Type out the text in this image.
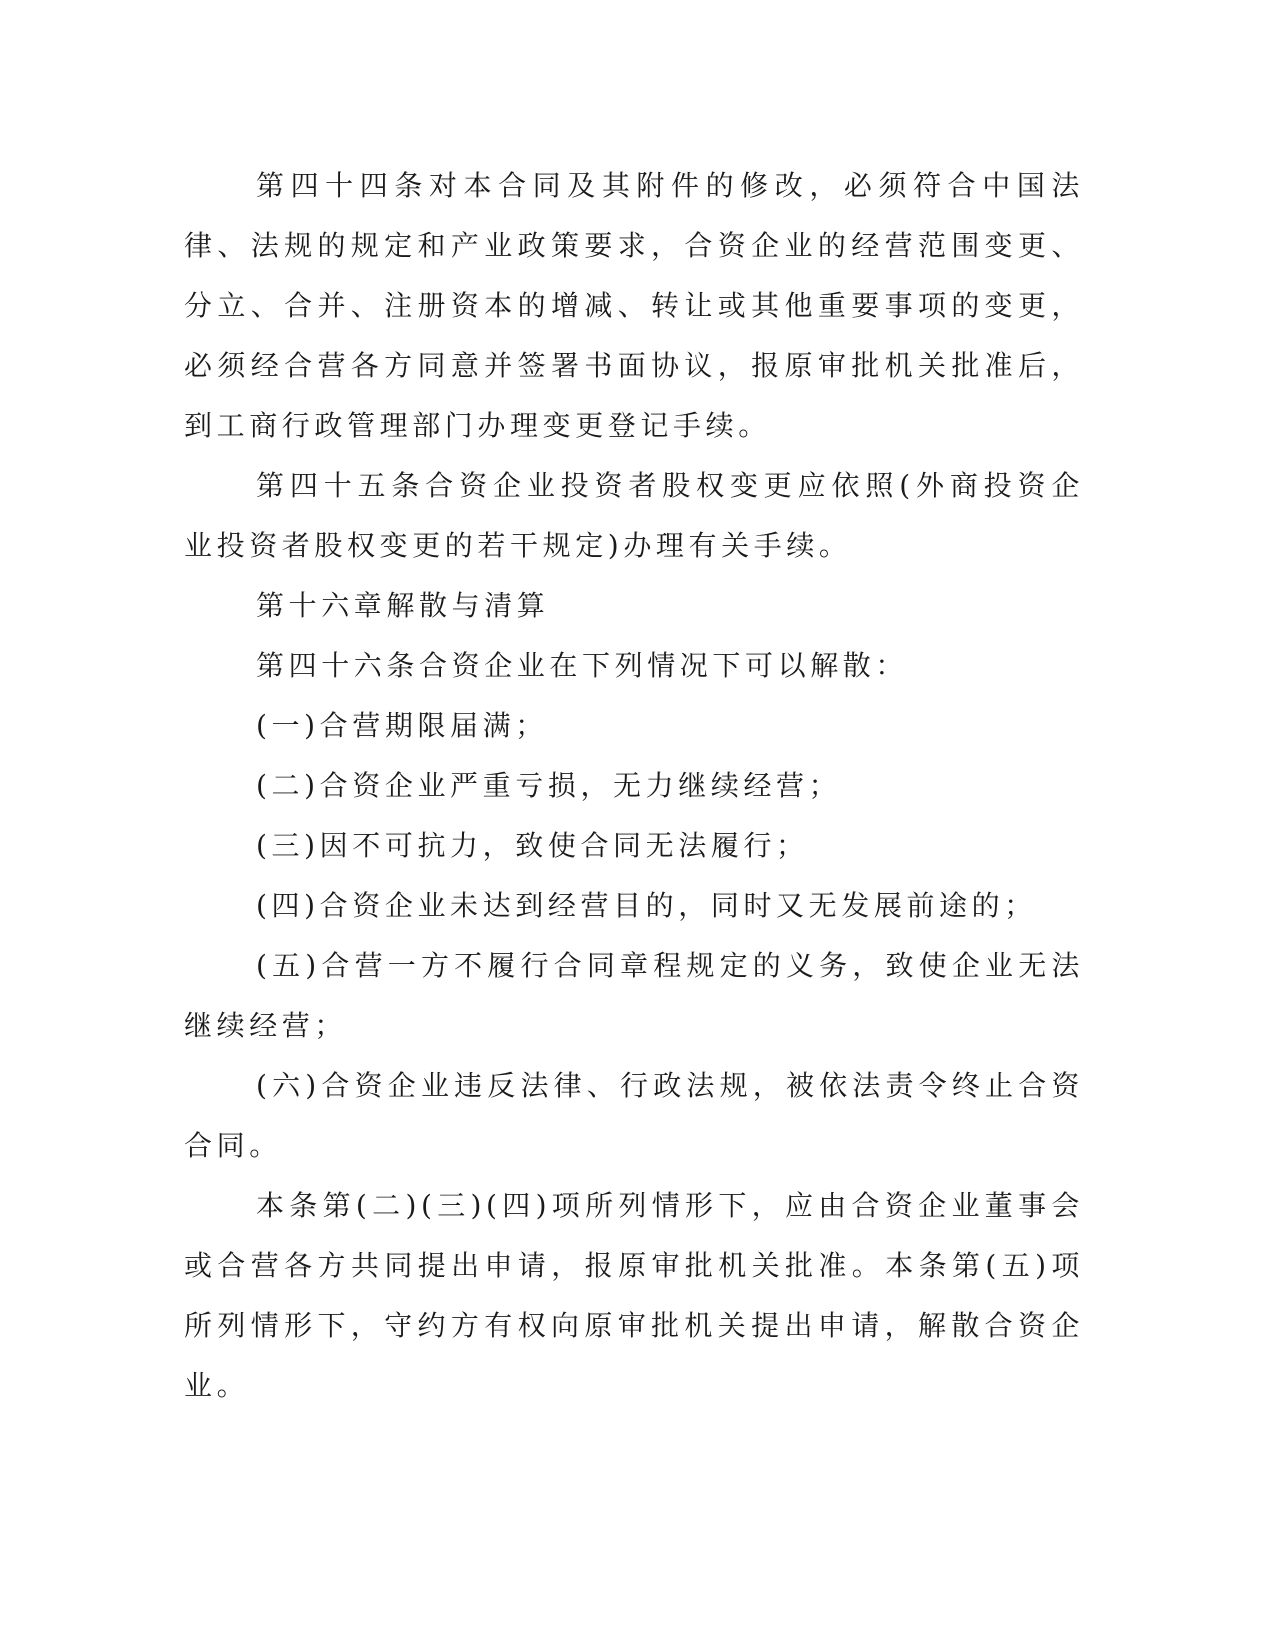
第四十四条对本合同及其附件的修改，必须符合中国法律、法规的规定和产业政策要求，合资企业的经营范围变更、分立、合并、注册资本的增减、转让或其他重要事项的变更，必须经合营各方同意并签署书面协议，报原审批机关批准后，到工商行政管理部门办理变更登记手续。

第四十五条合资企业投资者股权变更应依照(外商投资企业投资者股权变更的若干规定)办理有关手续。

第十六章解散与清算

第四十六条合资企业在下列情况下可以解散：

(一)合营期限届满；

(二)合资企业严重亏损，无力继续经营；

(三)因不可抗力，致使合同无法履行；

(四)合资企业未达到经营目的，同时又无发展前途的；

(五)合营一方不履行合同章程规定的义务，致使企业无法继续经营；

(六)合资企业违反法律、行政法规，被依法责令终止合资合同。

本条第(二)(三)(四)项所列情形下，应由合资企业董事会或合营各方共同提出申请，报原审批机关批准。本条第(五)项所列情形下，守约方有权向原审批机关提出申请，解散合资企业。
